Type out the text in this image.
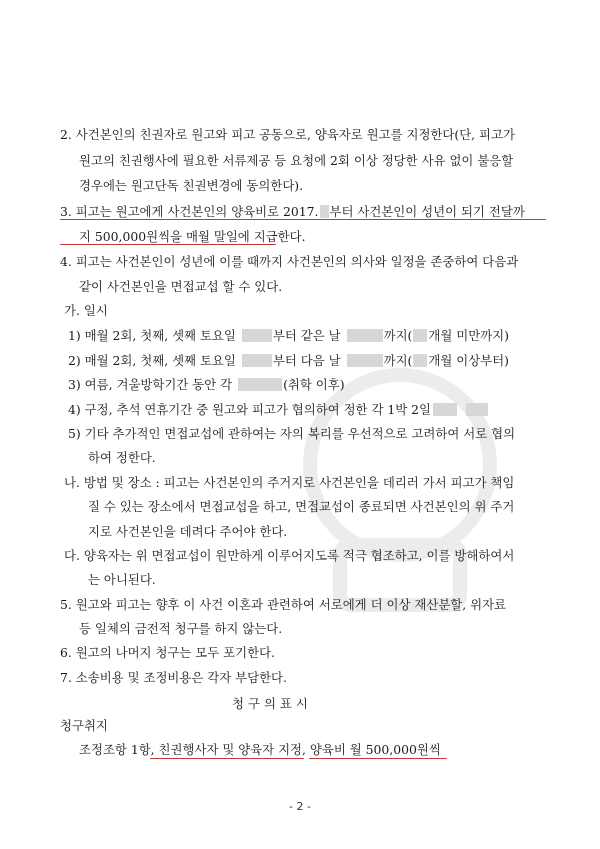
2. 사건본인의 친권자로 원고와 피고 공동으로, 양육자로 원고를 지정한다(단, 피고가
원고의 친권행사에 필요한 서류제공 등 요청에 2회 이상 정당한 사유 없이 불응할
경우에는 원고단독 친권변경에 동의한다).
3. 피고는 원고에게 사건본인의 양육비로 2017. 부터 사건본인이 성년이 되기 전달까
지 500,000원씩을 매월 말일에 지급한다.
4. 피고는 사건본인이 성년에 이를 때까지 사건본인의 의사와 일정을 존중하여 다음과
같이 사건본인을 면접교섭 할 수 있다.
가. 일시
1) 매월 2회, 첫째, 셋째 토요일	부터 같은 날	까지( 개월 미만까지)
2) 매월 2회, 첫째, 셋째 토요일	부터 다음 날	까지( 개월 이상부터)
3) 여름, 겨울방학기간 동안 각	(취학 이후)
4) 구정, 추석 연휴기간 중 원고와 피고가 협의하여 정한 각 1박 2일
5) 기타 추가적인 면접교섭에 관하여는 자의 복리를 우선적으로 고려하여 서로 협의
하여 정한다.
나. 방법 및 장소 : 피고는 사건본인의 주거지로 사건본인을 데리러 가서 피고가 책임
질 수 있는 장소에서 면접교섭을 하고, 면접교섭이 종료되면 사건본인의 위 주거
지로 사건본인을 데려다 주어야 한다.
다. 양육자는 위 면접교섭이 원만하게 이루어지도록 적극 협조하고, 이를 방해하여서
는 아니된다.
5. 원고와 피고는 향후 이 사건 이혼과 관련하여 서로에게 더 이상 재산분할, 위자료
등 일체의 금전적 청구를 하지 않는다.
6. 원고의 나머지 청구는 모두 포기한다.
7. 소송비용 및 조정비용은 각자 부담한다.
청구의표시
청구취지
조정조항 1항, 친권행사자 및 양육자 지정, 양육비 월 500,000원씩
- 2 -
